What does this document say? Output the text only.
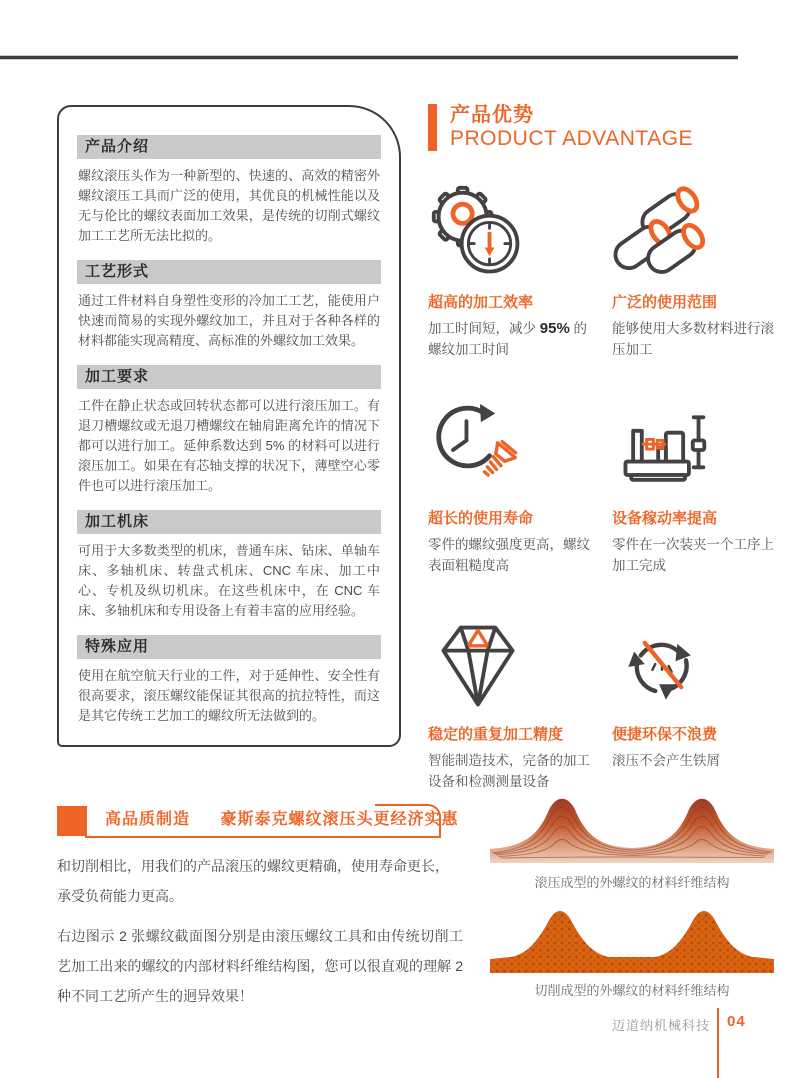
产品介绍
螺纹滚压头作为一种新型的、快速的、高效的精密外螺纹滚压工具而广泛的使用，其优良的机械性能以及无与伦比的螺纹表面加工效果，是传统的切削式螺纹加工工艺所无法比拟的。
工艺形式
通过工件材料自身塑性变形的冷加工工艺，能使用户快速而简易的实现外螺纹加工，并且对于各种各样的材料都能实现高精度、高标准的外螺纹加工效果。
加工要求
工件在静止状态或回转状态都可以进行滚压加工。有退刀槽螺纹或无退刀槽螺纹在轴肩距离允许的情况下都可以进行加工。延伸系数达到 5% 的材料可以进行滚压加工。如果在有芯轴支撑的状况下，薄壁空心零件也可以进行滚压加工。
加工机床
可用于大多数类型的机床，普通车床、钻床、单轴车床、多轴机床、转盘式机床、CNC 车床、加工中心、专机及纵切机床。在这些机床中，在 CNC 车床、多轴机床和专用设备上有着丰富的应用经验。
特殊应用
使用在航空航天行业的工件，对于延伸性、安全性有很高要求，滚压螺纹能保证其很高的抗拉特性，而这是其它传统工艺加工的螺纹所无法做到的。
产品优势
PRODUCT ADVANTAGE
超高的加工效率
加工时间短，减少 95% 的螺纹加工时间
广泛的使用范围
能够使用大多数材料进行滚压加工
超长的使用寿命
零件的螺纹强度更高，螺纹表面粗糙度高
设备稼动率提高
零件在一次装夹一个工序上加工完成
稳定的重复加工精度
智能制造技术，完备的加工设备和检测测量设备
便捷环保不浪费
滚压不会产生铁屑
高品质制造 豪斯泰克螺纹滚压头更经济实惠
和切削相比，用我们的产品滚压的螺纹更精确，使用寿命更长，承受负荷能力更高。
右边图示 2 张螺纹截面图分别是由滚压螺纹工具和由传统切削工艺加工出来的螺纹的内部材料纤维结构图，您可以很直观的理解 2 种不同工艺所产生的迥异效果！
滚压成型的外螺纹的材料纤维结构
切削成型的外螺纹的材料纤维结构
迈道纳机械科技 04
